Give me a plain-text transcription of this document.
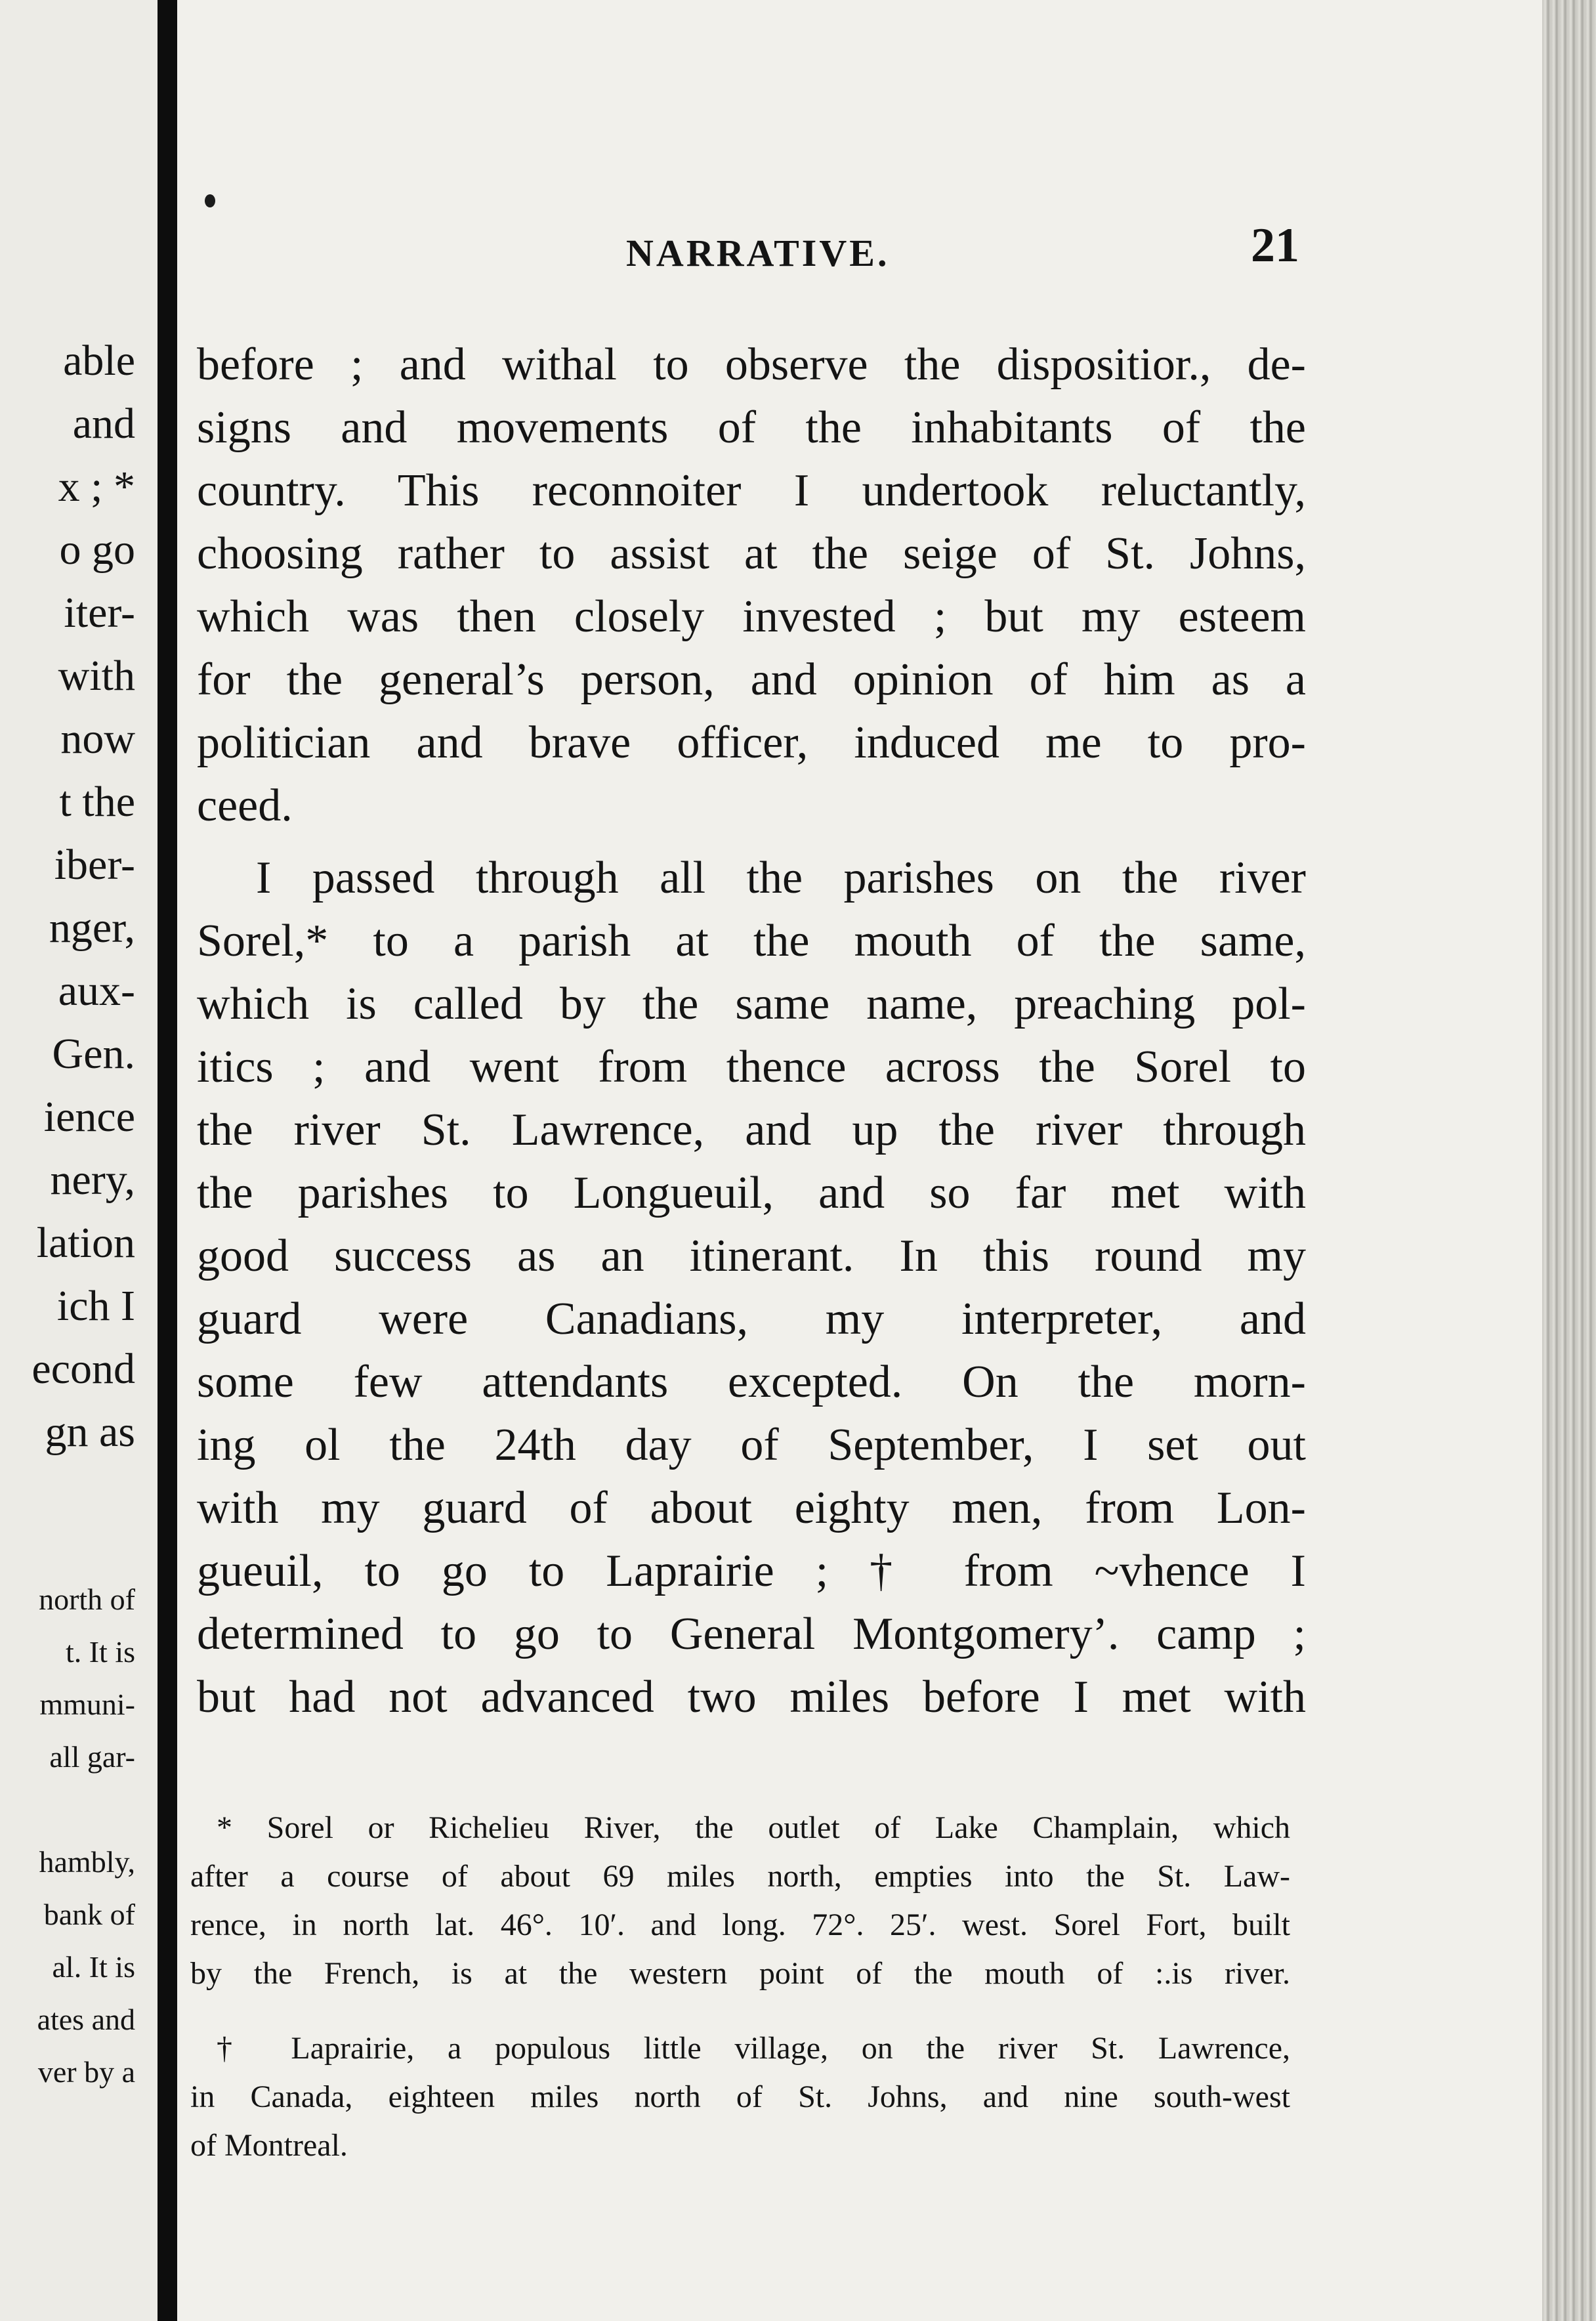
able
and
x ; *
o go
iter-
with
now
t the
iber-
nger,
aux-
Gen.
ience
nery,
lation
ich I
econd
gn as
north of
t. It is
mmuni-
all gar-
hambly,
bank of
al. It is
ates and
ver by a
NARRATIVE.	21
before ; and withal to observe the dispositior., de-
signs and movements of the inhabitants of the
country. This reconnoiter I undertook reluctantly,
choosing rather to assist at the seige of St. Johns,
which was then closely invested ; but my esteem
for the general’s person, and opinion of him as a
politician and brave officer, induced me to pro-
ceed.
I passed through all the parishes on the river
Sorel,* to a parish at the mouth of the same,
which is called by the same name, preaching pol-
itics ; and went from thence across the Sorel to
the river St. Lawrence, and up the river through
the parishes to Longueuil, and so far met with
good success as an itinerant. In this round my
guard were Canadians, my interpreter, and
some few attendants excepted. On the morn-
ing ol the 24th day of September, I set out
with my guard of about eighty men, from Lon-
gueuil, to go to Laprairie ; † from ~vhence I
determined to go to General Montgomery’. camp ;
but had not advanced two miles before I met with
* Sorel or Richelieu River, the outlet of Lake Champlain, which
after a course of about 69 miles north, empties into the St. Law-
rence, in north lat. 46°. 10′. and long. 72°. 25′. west. Sorel Fort, built
by the French, is at the western point of the mouth of :.is river.
† Laprairie, a populous little village, on the river St. Lawrence,
in Canada, eighteen miles north of St. Johns, and nine south-west
of Montreal.
